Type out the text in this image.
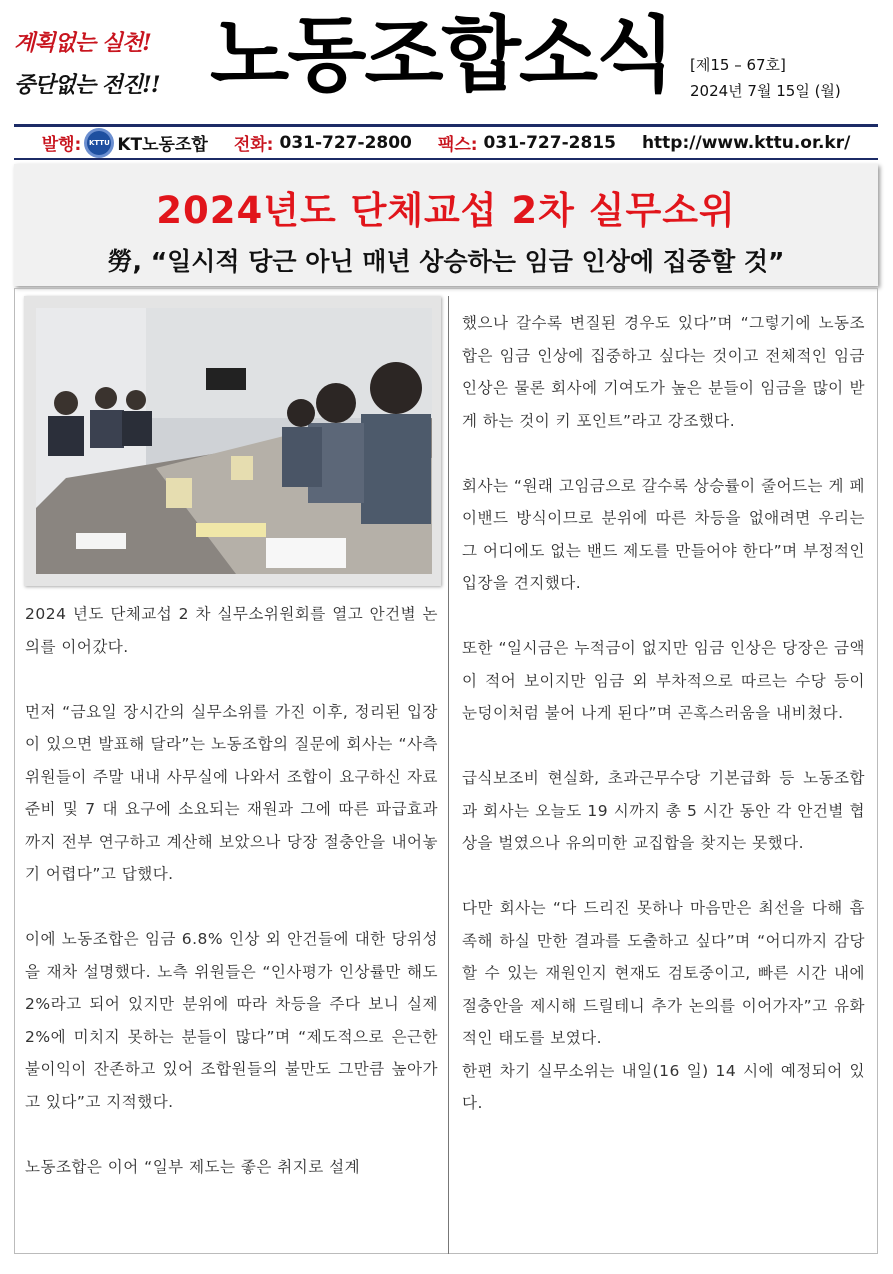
계획없는 실천!
중단없는 전진!! 노동조합소식 [제15 – 67호]
2024년 7월 15일 (월)
발행: KTTU KT노동조합 전화: 031-727-2800 팩스: 031-727-2815 http://www.kttu.or.kr/
2024년도 단체교섭 2차 실무소위
勞, “일시적 당근 아닌 매년 상승하는 임금 인상에 집중할 것”

2024 년도 단체교섭 2 차 실무소위원회를 열고 안건별 논의를 이어갔다.

먼저 “금요일 장시간의 실무소위를 가진 이후, 정리된 입장이 있으면 발표해 달라”는 노동조합의 질문에 회사는 “사측 위원들이 주말 내내 사무실에 나와서 조합이 요구하신 자료 준비 및 7 대 요구에 소요되는 재원과 그에 따른 파급효과까지 전부 연구하고 계산해 보았으나 당장 절충안을 내어놓기 어렵다”고 답했다.

이에 노동조합은 임금 6.8% 인상 외 안건들에 대한 당위성을 재차 설명했다. 노측 위원들은 “인사평가 인상률만 해도 2%라고 되어 있지만 분위에 따라 차등을 주다 보니 실제 2%에 미치지 못하는 분들이 많다”며 “제도적으로 은근한 불이익이 잔존하고 있어 조합원들의 불만도 그만큼 높아가고 있다”고 지적했다.

노동조합은 이어 “일부 제도는 좋은 취지로 설계

했으나 갈수록 변질된 경우도 있다”며 “그렇기에 노동조합은 임금 인상에 집중하고 싶다는 것이고 전체적인 임금 인상은 물론 회사에 기여도가 높은 분들이 임금을 많이 받게 하는 것이 키 포인트”라고 강조했다.

회사는 “원래 고임금으로 갈수록 상승률이 줄어드는 게 페이밴드 방식이므로 분위에 따른 차등을 없애려면 우리는 그 어디에도 없는 밴드 제도를 만들어야 한다”며 부정적인 입장을 견지했다.

또한 “일시금은 누적금이 없지만 임금 인상은 당장은 금액이 적어 보이지만 임금 외 부차적으로 따르는 수당 등이 눈덩이처럼 불어 나게 된다”며 곤혹스러움을 내비쳤다.

급식보조비 현실화, 초과근무수당 기본급화 등 노동조합과 회사는 오늘도 19 시까지 총 5 시간 동안 각 안건별 협상을 벌였으나 유의미한 교집합을 찾지는 못했다.

다만 회사는 “다 드리진 못하나 마음만은 최선을 다해 흡족해 하실 만한 결과를 도출하고 싶다”며 “어디까지 감당할 수 있는 재원인지 현재도 검토중이고, 빠른 시간 내에 절충안을 제시해 드릴테니 추가 논의를 이어가자”고 유화적인 태도를 보였다.

한편 차기 실무소위는 내일(16 일) 14 시에 예정되어 있다.
